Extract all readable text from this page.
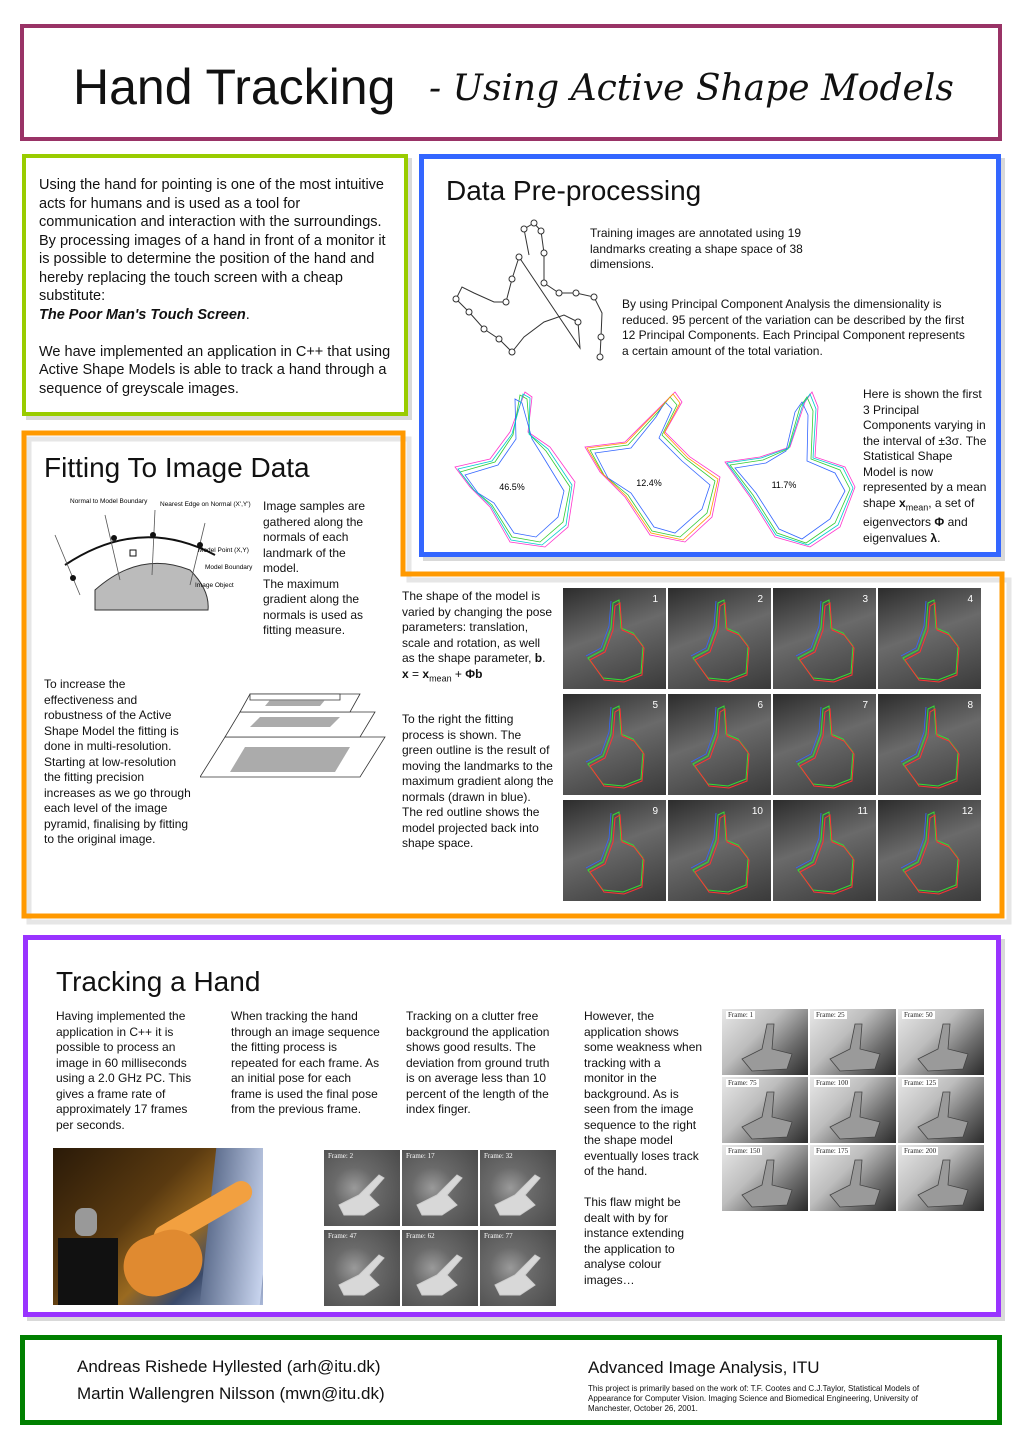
Hand Tracking - Using Active Shape Models
Using the hand for pointing is one of the most intuitive acts for humans and is used as a tool for communication and interaction with the surroundings. By processing images of a hand in front of a monitor it is possible to determine the position of the hand and hereby replacing the touch screen with a cheap substitute:
The Poor Man's Touch Screen.

We have implemented an application in C++ that using Active Shape Models is able to track a hand through a sequence of greyscale images.
Data Pre-processing
Training images are annotated using 19 landmarks creating a shape space of 38 dimensions.
By using Principal Component Analysis the dimensionality is reduced. 95 percent of the variation can be described by the first 12 Principal Components. Each Principal Component represents a certain amount of the total variation.
Here is shown the first 3 Principal Components varying in the interval of ±3σ. The Statistical Shape Model is now represented by a mean shape $x_{mean}$, a set of eigenvectors Φ and eigenvalues λ.
46.5%	12.4%	11.7%
Fitting To Image Data
Normal to Model Boundary Nearest Edge on Normal (X',Y')
Model Point (X,Y)
Model Boundary
Image Object
Image samples are gathered along the normals of each landmark of the model.
The maximum gradient along the normals is used as fitting measure.
To increase the effectiveness and robustness of the Active Shape Model the fitting is done in multi-resolution. Starting at low-resolution the fitting precision increases as we go through each level of the image pyramid, finalising by fitting to the original image.
The shape of the model is varied by changing the pose parameters: translation, scale and rotation, as well as the shape parameter, b.
$x = x_{mean} + \Phi b$
To the right the fitting process is shown. The green outline is the result of moving the landmarks to the maximum gradient along the normals (drawn in blue). The red outline shows the model projected back into shape space.
1	2	3	4
5	6	7	8
9	10	11	12
Tracking a Hand
Having implemented the application in C++ it is possible to process an image in 60 milliseconds using a 2.0 GHz PC. This gives a frame rate of approximately 17 frames per seconds.
When tracking the hand through an image sequence the fitting process is repeated for each frame. As an initial pose for each frame is used the final pose from the previous frame.
Tracking on a clutter free background the application shows good results. The deviation from ground truth is on average less than 10 percent of the length of the index finger.
However, the application shows some weakness when tracking with a monitor in the background. As is seen from the image sequence to the right the shape model eventually loses track of the hand.

This flaw might be dealt with by for instance extending the application to analyse colour images…
Frame: 2	Frame: 17	Frame: 32
Frame: 47	Frame: 62	Frame: 77
Frame: 1	Frame: 25	Frame: 50
Frame: 75	Frame: 100	Frame: 125
Frame: 150	Frame: 175	Frame: 200
Andreas Rishede Hyllested (arh@itu.dk)
Martin Wallengren Nilsson (mwn@itu.dk)
Advanced Image Analysis, ITU
This project is primarily based on the work of: T.F. Cootes and C.J.Taylor, Statistical Models of Appearance for Computer Vision. Imaging Science and Biomedical Engineering, University of Manchester, October 26, 2001.
